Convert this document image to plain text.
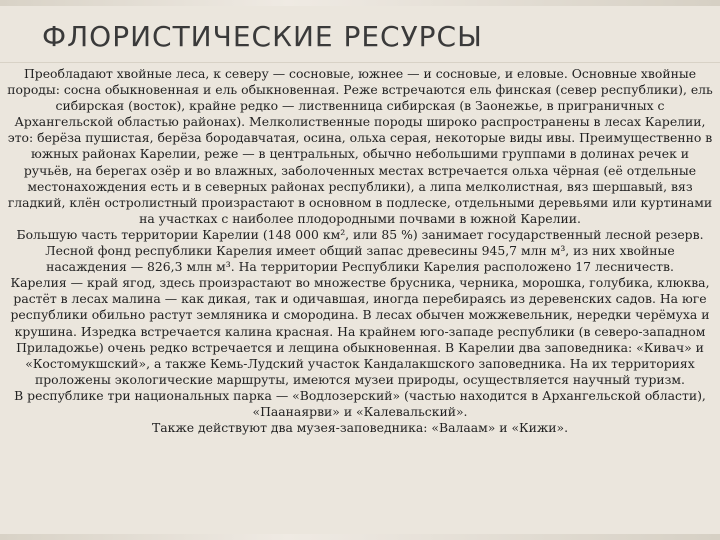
ФЛОРИСТИЧЕСКИЕ РЕСУРСЫ

Преобладают хвойные леса, к северу — сосновые, южнее — и сосновые, и еловые. Основные хвойные породы: сосна обыкновенная и ель обыкновенная. Реже встречаются ель финская (север республики), ель сибирская (восток), крайне редко — лиственница сибирская (в Заонежье, в приграничных с Архангельской областью районах). Мелколиственные породы широко распространены в лесах Карелии, это: берёза пушистая, берёза бородавчатая, осина, ольха серая, некоторые виды ивы. Преимущественно в южных районах Карелии, реже — в центральных, обычно небольшими группами в долинах речек и ручьёв, на берегах озёр и во влажных, заболоченных местах встречается ольха чёрная (её отдельные местонахождения есть и в северных районах республики), а липа мелколистная, вяз шершавый, вяз гладкий, клён остролистный произрастают в основном в подлеске, отдельными деревьями или куртинами на участках с наиболее плодородными почвами в южной Карелии.

Большую часть территории Карелии (148 000 км², или 85 %) занимает государственный лесной резерв. Лесной фонд республики Карелия имеет общий запас древесины 945,7 млн м³, из них хвойные насаждения — 826,3 млн м³. На территории Республики Карелия расположено 17 лесничеств.

Карелия — край ягод, здесь произрастают во множестве брусника, черника, морошка, голубика, клюква, растёт в лесах малина — как дикая, так и одичавшая, иногда перебираясь из деревенских садов. На юге республики обильно растут земляника и смородина. В лесах обычен можжевельник, нередки черёмуха и крушина. Изредка встречается калина красная. На крайнем юго-западе республики (в северо-западном Приладожье) очень редко встречается и лещина обыкновенная. В Карелии два заповедника: «Кивач» и «Костомукшский», а также Кемь-Лудский участок Кандалакшского заповедника. На их территориях проложены экологические маршруты, имеются музеи природы, осуществляется научный туризм.

В республике три национальных парка — «Водлозерский» (частью находится в Архангельской области), «Паанаярви» и «Калевальский».

Также действуют два музея-заповедника: «Валаам» и «Кижи».
